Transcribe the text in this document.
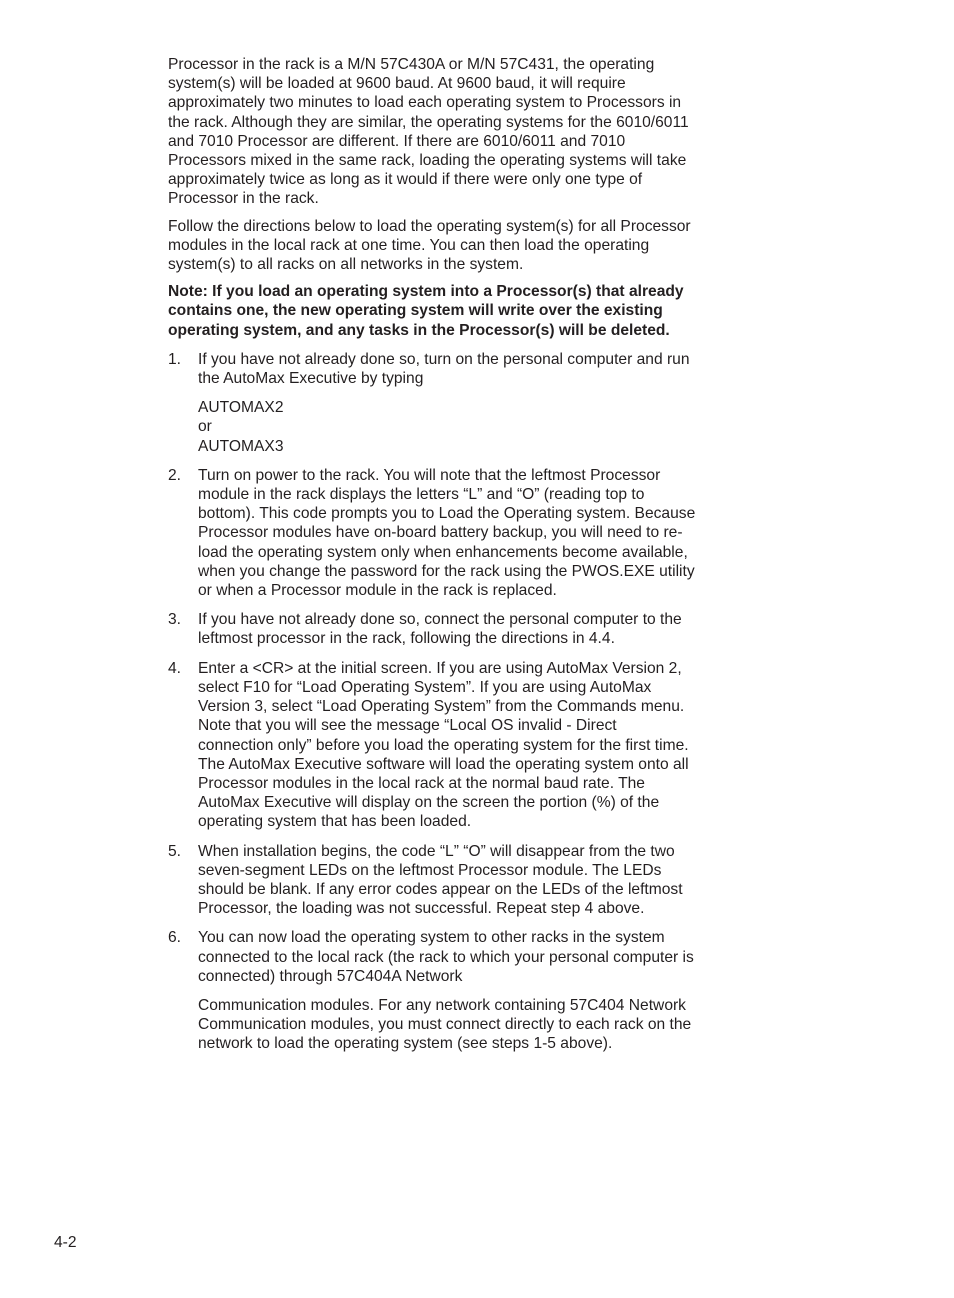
Processor in the rack is a M/N 57C430A or M/N 57C431, the operating system(s) will be loaded at 9600 baud. At 9600 baud, it will require approximately two minutes to load each operating system to Processors in the rack. Although they are similar, the operating systems for the 6010/6011 and 7010 Processor are different. If there are 6010/6011 and 7010 Processors mixed in the same rack, loading the operating systems will take approximately twice as long as it would if there were only one type of Processor in the rack.

Follow the directions below to load the operating system(s) for all Processor modules in the local rack at one time. You can then load the operating system(s) to all racks on all networks in the system.

Note: If you load an operating system into a Processor(s) that already contains one, the new operating system will write over the existing operating system, and any tasks in the Processor(s) will be deleted.

1. If you have not already done so, turn on the personal computer and run the AutoMax Executive by typing

AUTOMAX2
or
AUTOMAX3

2. Turn on power to the rack. You will note that the leftmost Processor module in the rack displays the letters “L” and “O” (reading top to bottom). This code prompts you to Load the Operating system. Because Processor modules have on-board battery backup, you will need to re-load the operating system only when enhancements become available, when you change the password for the rack using the PWOS.EXE utility or when a Processor module in the rack is replaced.

3. If you have not already done so, connect the personal computer to the leftmost processor in the rack, following the directions in 4.4.

4. Enter a <CR> at the initial screen. If you are using AutoMax Version 2, select F10 for “Load Operating System”. If you are using AutoMax Version 3, select “Load Operating System” from the Commands menu. Note that you will see the message “Local OS invalid - Direct connection only” before you load the operating system for the first time. The AutoMax Executive software will load the operating system onto all Processor modules in the local rack at the normal baud rate. The AutoMax Executive will display on the screen the portion (%) of the operating system that has been loaded.

5. When installation begins, the code “L” “O” will disappear from the two seven-segment LEDs on the leftmost Processor module. The LEDs should be blank. If any error codes appear on the LEDs of the leftmost Processor, the loading was not successful. Repeat step 4 above.

6. You can now load the operating system to other racks in the system connected to the local rack (the rack to which your personal computer is connected) through 57C404A Network

Communication modules. For any network containing 57C404 Network Communication modules, you must connect directly to each rack on the network to load the operating system (see steps 1-5 above).

4-2
